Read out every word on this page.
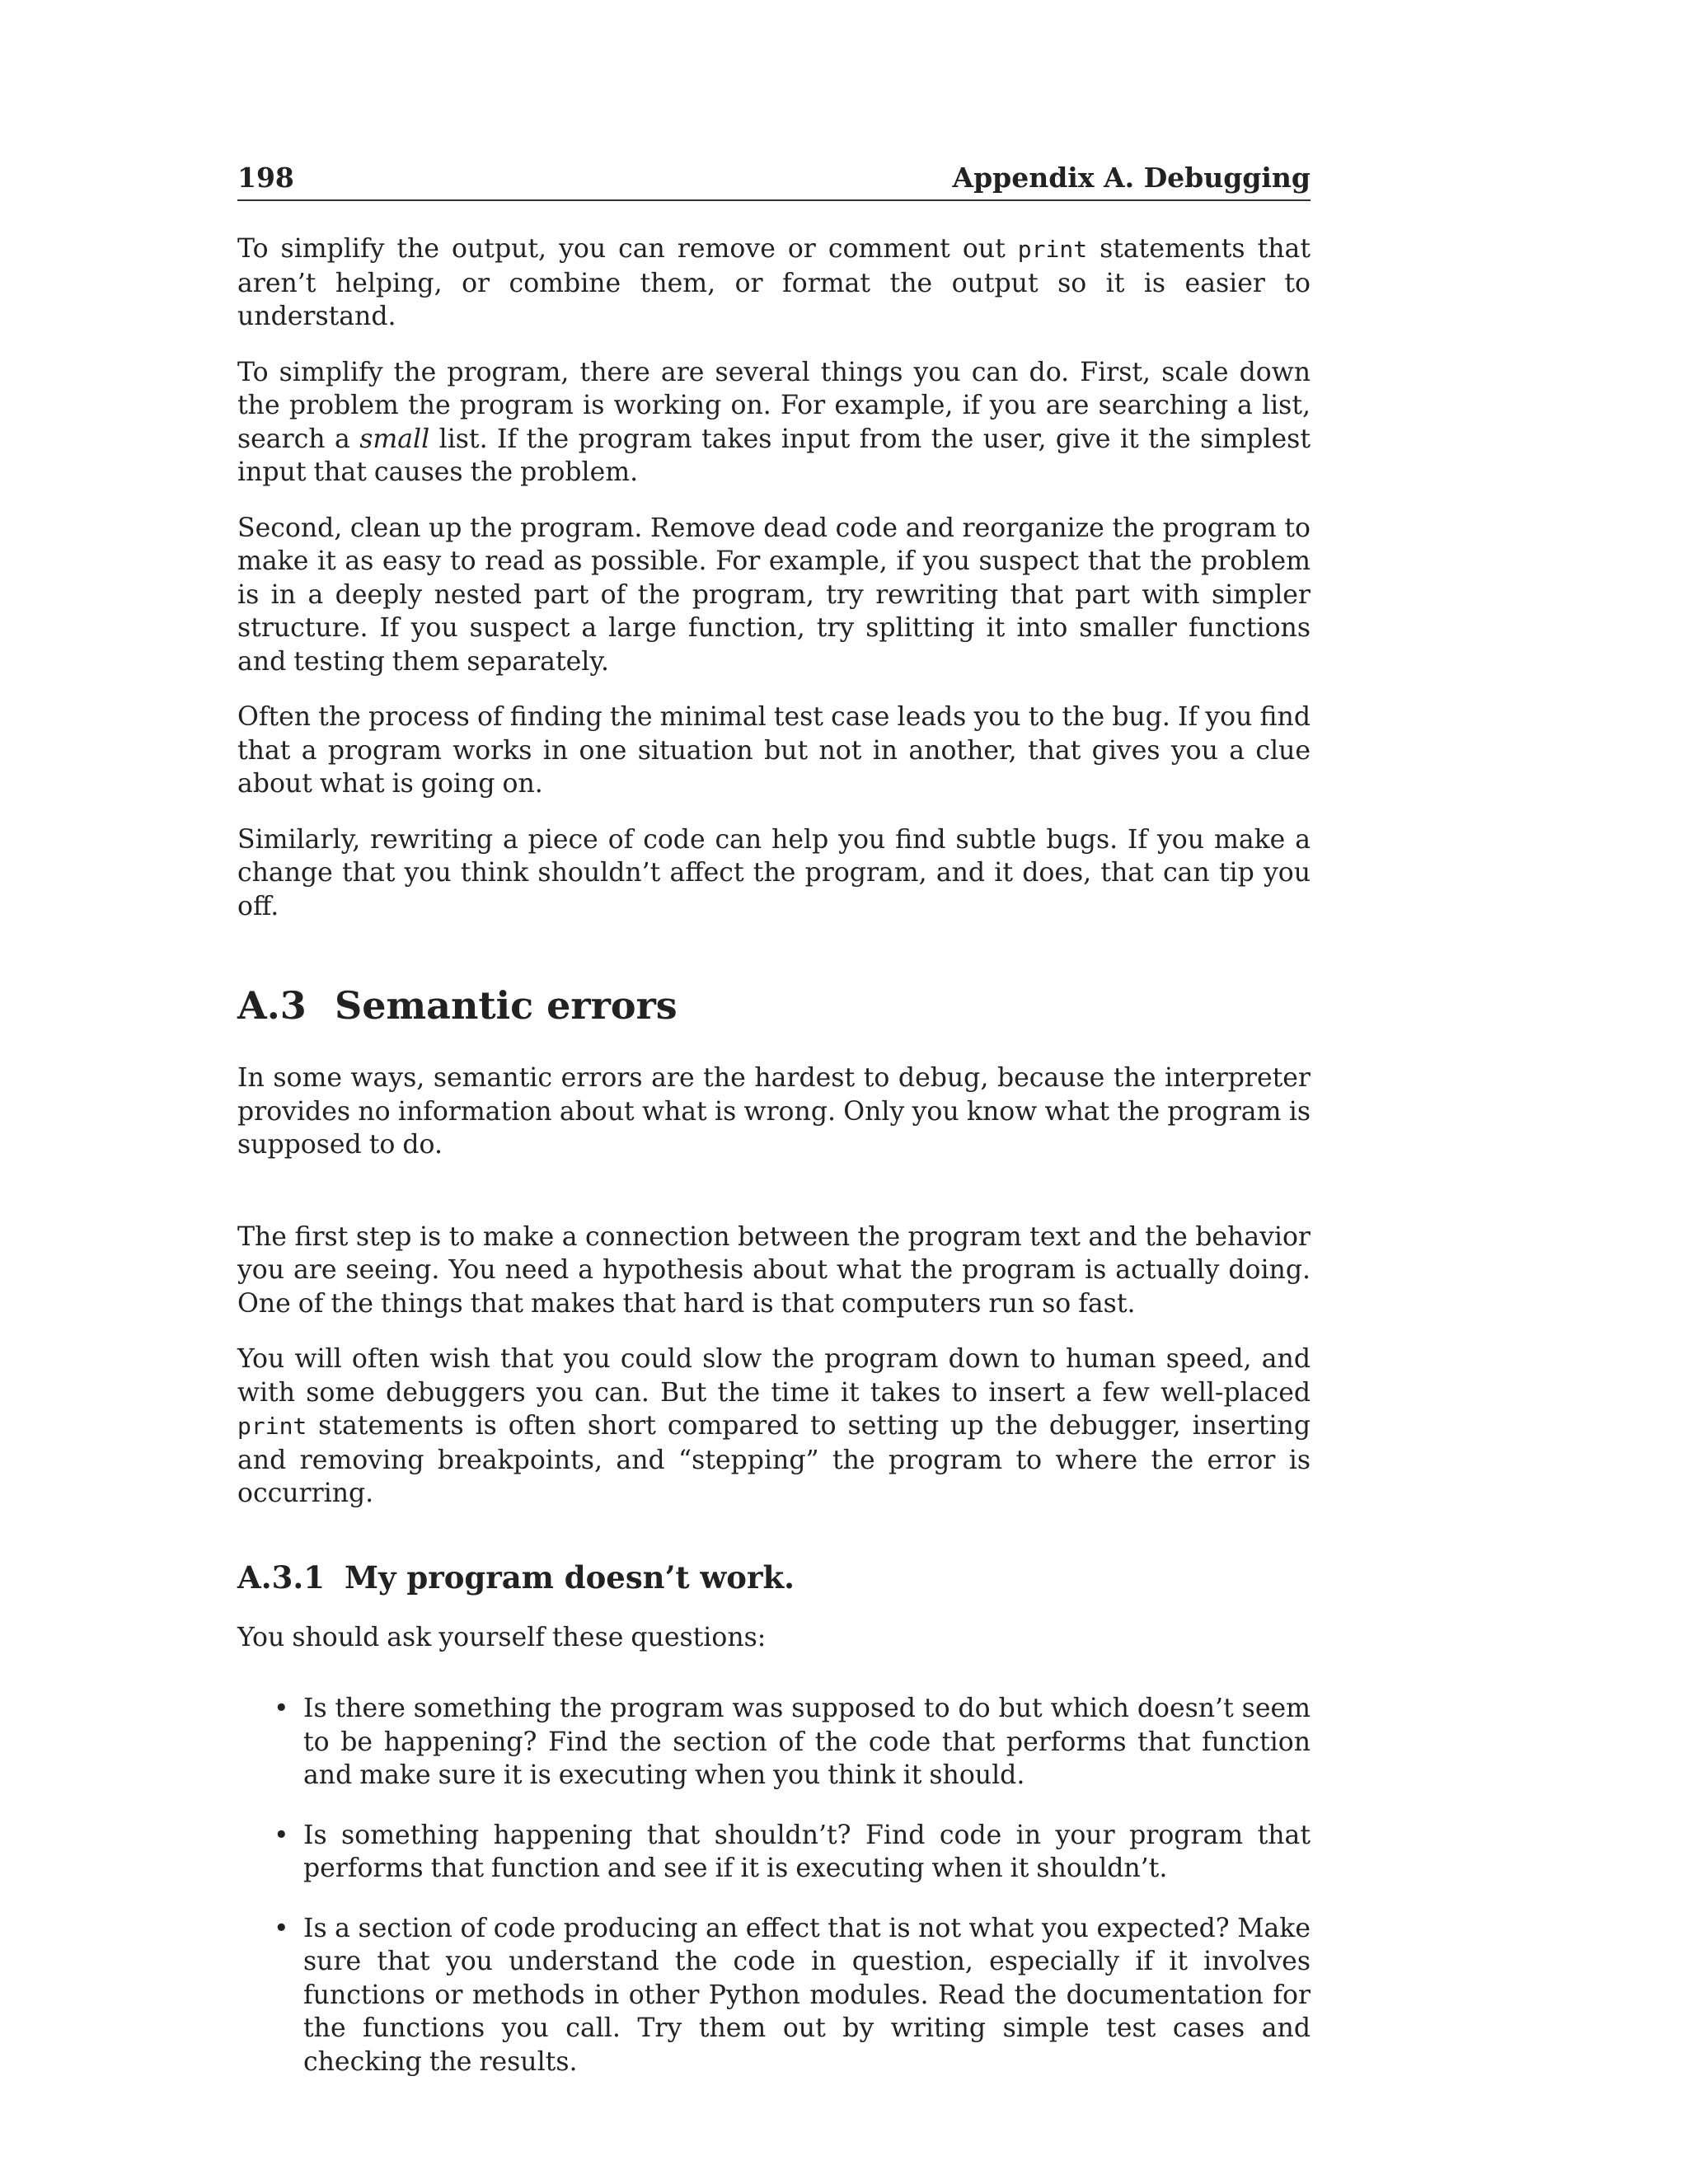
198	Appendix A. Debugging

To simplify the output, you can remove or comment out print statements that aren’t helping, or combine them, or format the output so it is easier to understand.

To simplify the program, there are several things you can do. First, scale down the problem the program is working on. For example, if you are searching a list, search a small list. If the program takes input from the user, give it the simplest input that causes the problem.

Second, clean up the program. Remove dead code and reorganize the program to make it as easy to read as possible. For example, if you suspect that the problem is in a deeply nested part of the program, try rewriting that part with simpler structure. If you suspect a large function, try splitting it into smaller functions and testing them separately.

Often the process of finding the minimal test case leads you to the bug. If you find that a program works in one situation but not in another, that gives you a clue about what is going on.

Similarly, rewriting a piece of code can help you find subtle bugs. If you make a change that you think shouldn’t affect the program, and it does, that can tip you off.

A.3 Semantic errors

In some ways, semantic errors are the hardest to debug, because the interpreter provides no information about what is wrong. Only you know what the program is supposed to do.

The first step is to make a connection between the program text and the behavior you are seeing. You need a hypothesis about what the program is actually doing. One of the things that makes that hard is that computers run so fast.

You will often wish that you could slow the program down to human speed, and with some debuggers you can. But the time it takes to insert a few well-placed print statements is often short compared to setting up the debugger, inserting and removing breakpoints, and “stepping” the program to where the error is occurring.

A.3.1 My program doesn’t work.

You should ask yourself these questions:

• Is there something the program was supposed to do but which doesn’t seem to be happening? Find the section of the code that performs that function and make sure it is executing when you think it should.
• Is something happening that shouldn’t? Find code in your program that performs that function and see if it is executing when it shouldn’t.
• Is a section of code producing an effect that is not what you expected? Make sure that you understand the code in question, especially if it involves functions or methods in other Python modules. Read the documentation for the functions you call. Try them out by writing simple test cases and checking the results.
